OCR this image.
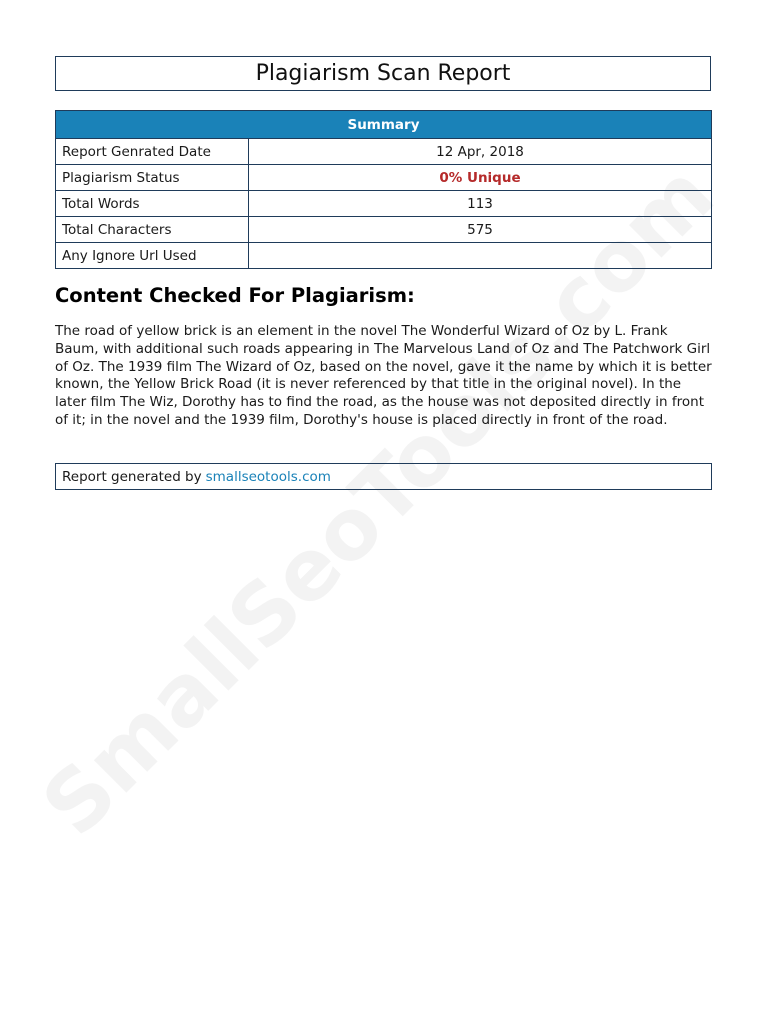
Plagiarism Scan Report
Summary	
Report Genrated Date	12 Apr, 2018
Plagiarism Status	0% Unique
Total Words	113
Total Characters	575
Any Ignore Url Used	
Content Checked For Plagiarism:

The road of yellow brick is an element in the novel The Wonderful Wizard of Oz by L. Frank Baum, with additional such roads appearing in The Marvelous Land of Oz and The Patchwork Girl of Oz. The 1939 film The Wizard of Oz, based on the novel, gave it the name by which it is better known, the Yellow Brick Road (it is never referenced by that title in the original novel). In the later film The Wiz, Dorothy has to find the road, as the house was not deposited directly in front of it; in the novel and the 1939 film, Dorothy's house is placed directly in front of the road.

Report generated by smallseotools.com
